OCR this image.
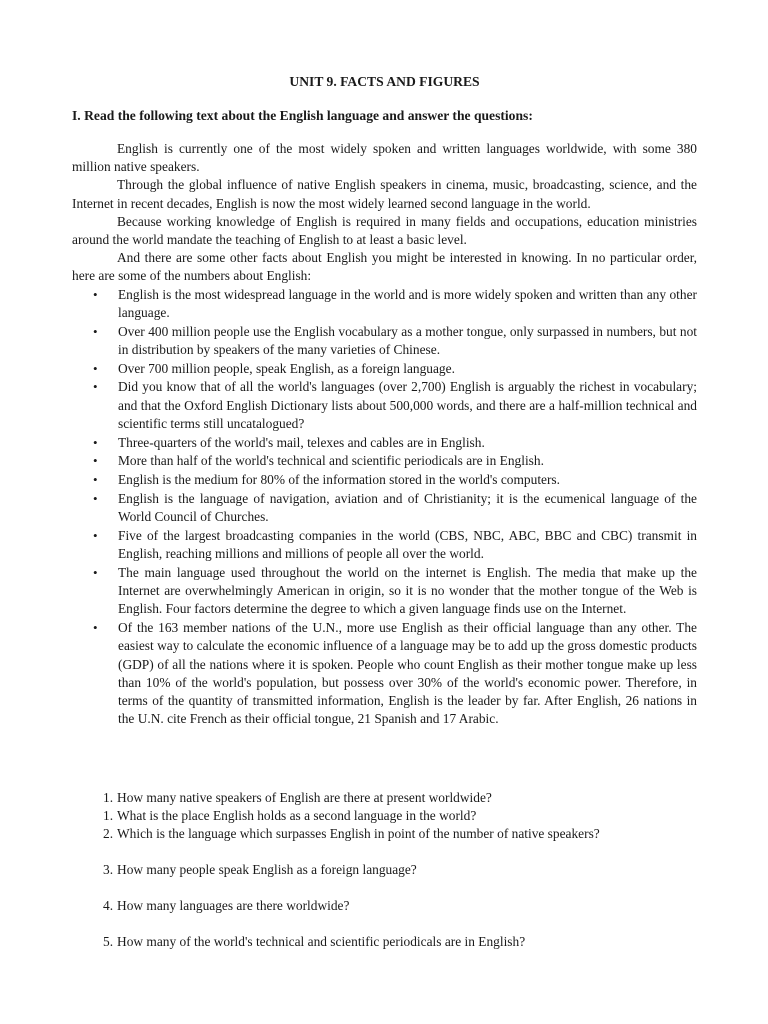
UNIT 9. FACTS AND FIGURES
I. Read the following text about the English language and answer the questions:

English is currently one of the most widely spoken and written languages worldwide, with some 380 million native speakers.

Through the global influence of native English speakers in cinema, music, broadcasting, science, and the Internet in recent decades, English is now the most widely learned second language in the world.

Because working knowledge of English is required in many fields and occupations, education ministries around the world mandate the teaching of English to at least a basic level.

And there are some other facts about English you might be interested in knowing. In no particular order, here are some of the numbers about English:

• English is the most widespread language in the world and is more widely spoken and written than any other language.
• Over 400 million people use the English vocabulary as a mother tongue, only surpassed in numbers, but not in distribution by speakers of the many varieties of Chinese.
• Over 700 million people, speak English, as a foreign language.
• Did you know that of all the world's languages (over 2,700) English is arguably the richest in vocabulary; and that the Oxford English Dictionary lists about 500,000 words, and there are a half-million technical and scientific terms still uncatalogued?
• Three-quarters of the world's mail, telexes and cables are in English.
• More than half of the world's technical and scientific periodicals are in English.
• English is the medium for 80% of the information stored in the world's computers.
• English is the language of navigation, aviation and of Christianity; it is the ecumenical language of the World Council of Churches.
• Five of the largest broadcasting companies in the world (CBS, NBC, ABC, BBC and CBC) transmit in English, reaching millions and millions of people all over the world.
• The main language used throughout the world on the internet is English. The media that make up the Internet are overwhelmingly American in origin, so it is no wonder that the mother tongue of the Web is English. Four factors determine the degree to which a given language finds use on the Internet.
• Of the 163 member nations of the U.N., more use English as their official language than any other. The easiest way to calculate the economic influence of a language may be to add up the gross domestic products (GDP) of all the nations where it is spoken. People who count English as their mother tongue make up less than 10% of the world's population, but possess over 30% of the world's economic power. Therefore, in terms of the quantity of transmitted information, English is the leader by far. After English, 26 nations in the U.N. cite French as their official tongue, 21 Spanish and 17 Arabic.
1. How many native speakers of English are there at present worldwide?
1. What is the place English holds as a second language in the world?
2. Which is the language which surpasses English in point of the number of native speakers?
3. How many people speak English as a foreign language?
4. How many languages are there worldwide?
5. How many of the world's technical and scientific periodicals are in English?
